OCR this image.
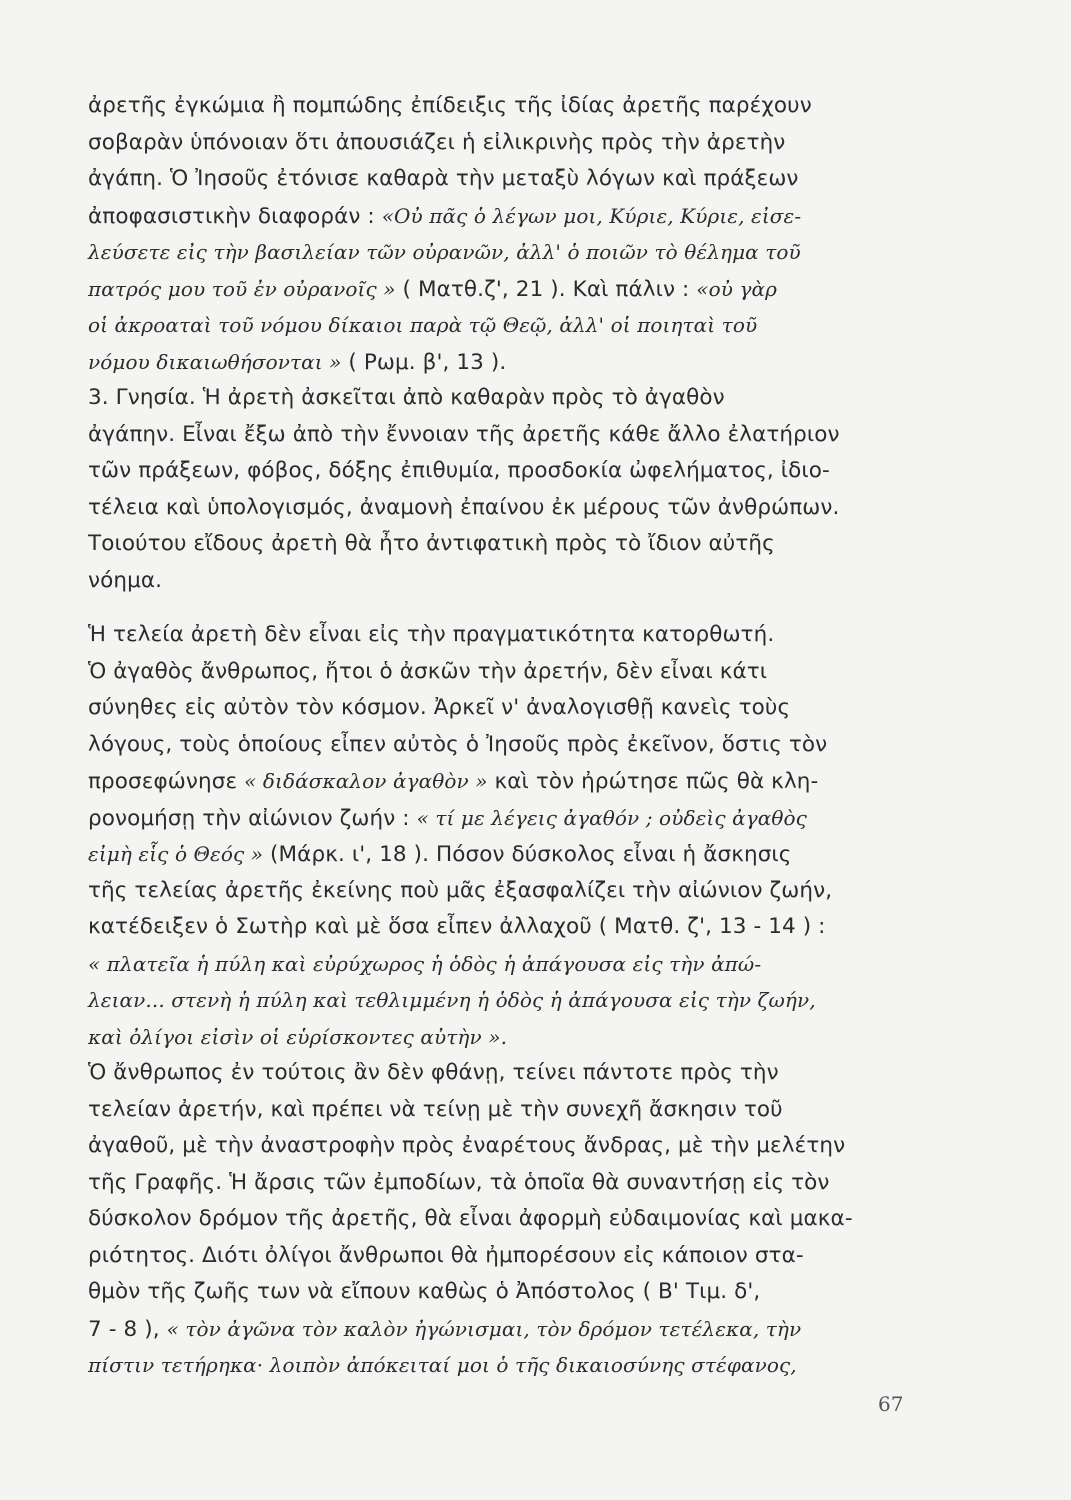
ἀρετῆς ἐγκώμια ἢ πομπώδης ἐπίδειξις τῆς ἰδίας ἀρετῆς παρέχουν
σοβαρὰν ὑπόνοιαν ὅτι ἀπουσιάζει ἡ εἰλικρινὴς πρὸς τὴν ἀρετὴν
ἀγάπη. Ὁ Ἰησοῦς ἐτόνισε καθαρὰ τὴν μεταξὺ λόγων καὶ πράξεων
ἀποφασιστικὴν διαφοράν : «Οὐ πᾶς ὁ λέγων μοι, Κύριε, Κύριε, εἰσε-
λεύσετε εἰς τὴν βασιλείαν τῶν οὐρανῶν, ἀλλ' ὁ ποιῶν τὸ θέλημα τοῦ
πατρός μου τοῦ ἐν οὐρανοῖς » ( Ματθ.ζ', 21 ). Καὶ πάλιν : «οὐ γὰρ
οἱ ἀκροαταὶ τοῦ νόμου δίκαιοι παρὰ τῷ Θεῷ, ἀλλ' οἱ ποιηταὶ τοῦ
νόμου δικαιωθήσονται » ( Ρωμ. β', 13 ).
3. Γνησία. Ἡ ἀρετὴ ἀσκεῖται ἀπὸ καθαρὰν πρὸς τὸ ἀγαθὸν
ἀγάπην. Εἶναι ἔξω ἀπὸ τὴν ἔννοιαν τῆς ἀρετῆς κάθε ἄλλο ἐλατήριον
τῶν πράξεων, φόβος, δόξης ἐπιθυμία, προσδοκία ὠφελήματος, ἰδιο-
τέλεια καὶ ὑπολογισμός, ἀναμονὴ ἐπαίνου ἐκ μέρους τῶν ἀνθρώπων.
Τοιούτου εἴδους ἀρετὴ θὰ ἦτο ἀντιφατικὴ πρὸς τὸ ἴδιον αὐτῆς
νόημα.
Ἡ τελεία ἀρετὴ δὲν εἶναι εἰς τὴν πραγματικότητα κατορθωτή.
Ὁ ἀγαθὸς ἄνθρωπος, ἤτοι ὁ ἀσκῶν τὴν ἀρετήν, δὲν εἶναι κάτι
σύνηθες εἰς αὐτὸν τὸν κόσμον. Ἀρκεῖ ν' ἀναλογισθῇ κανεὶς τοὺς
λόγους, τοὺς ὁποίους εἶπεν αὐτὸς ὁ Ἰησοῦς πρὸς ἐκεῖνον, ὅστις τὸν
προσεφώνησε « διδάσκαλον ἀγαθὸν » καὶ τὸν ἠρώτησε πῶς θὰ κλη-
ρονομήσῃ τὴν αἰώνιον ζωήν : « τί με λέγεις ἀγαθόν ; οὐδεὶς ἀγαθὸς
εἰμὴ εἷς ὁ Θεός » (Μάρκ. ι', 18 ). Πόσον δύσκολος εἶναι ἡ ἄσκησις
τῆς τελείας ἀρετῆς ἐκείνης ποὺ μᾶς ἐξασφαλίζει τὴν αἰώνιον ζωήν,
κατέδειξεν ὁ Σωτὴρ καὶ μὲ ὅσα εἶπεν ἀλλαχοῦ ( Ματθ. ζ', 13 - 14 ) :
« πλατεῖα ἡ πύλη καὶ εὐρύχωρος ἡ ὁδὸς ἡ ἀπάγουσα εἰς τὴν ἀπώ-
λειαν... στενὴ ἡ πύλη καὶ τεθλιμμένη ἡ ὁδὸς ἡ ἀπάγουσα εἰς τὴν ζωήν,
καὶ ὀλίγοι εἰσὶν οἱ εὑρίσκοντες αὐτὴν ».
Ὁ ἄνθρωπος ἐν τούτοις ἂν δὲν φθάνῃ, τείνει πάντοτε πρὸς τὴν
τελείαν ἀρετήν, καὶ πρέπει νὰ τείνῃ μὲ τὴν συνεχῆ ἄσκησιν τοῦ
ἀγαθοῦ, μὲ τὴν ἀναστροφὴν πρὸς ἐναρέτους ἄνδρας, μὲ τὴν μελέτην
τῆς Γραφῆς. Ἡ ἄρσις τῶν ἐμποδίων, τὰ ὁποῖα θὰ συναντήσῃ εἰς τὸν
δύσκολον δρόμον τῆς ἀρετῆς, θὰ εἶναι ἀφορμὴ εὐδαιμονίας καὶ μακα-
ριότητος. Διότι ὀλίγοι ἄνθρωποι θὰ ἠμπορέσουν εἰς κάποιον στα-
θμὸν τῆς ζωῆς των νὰ εἴπουν καθὼς ὁ Ἀπόστολος ( Β' Τιμ. δ',
7 - 8 ), « τὸν ἀγῶνα τὸν καλὸν ἠγώνισμαι, τὸν δρόμον τετέλεκα, τὴν
πίστιν τετήρηκα· λοιπὸν ἀπόκειταί μοι ὁ τῆς δικαιοσύνης στέφανος,
67
